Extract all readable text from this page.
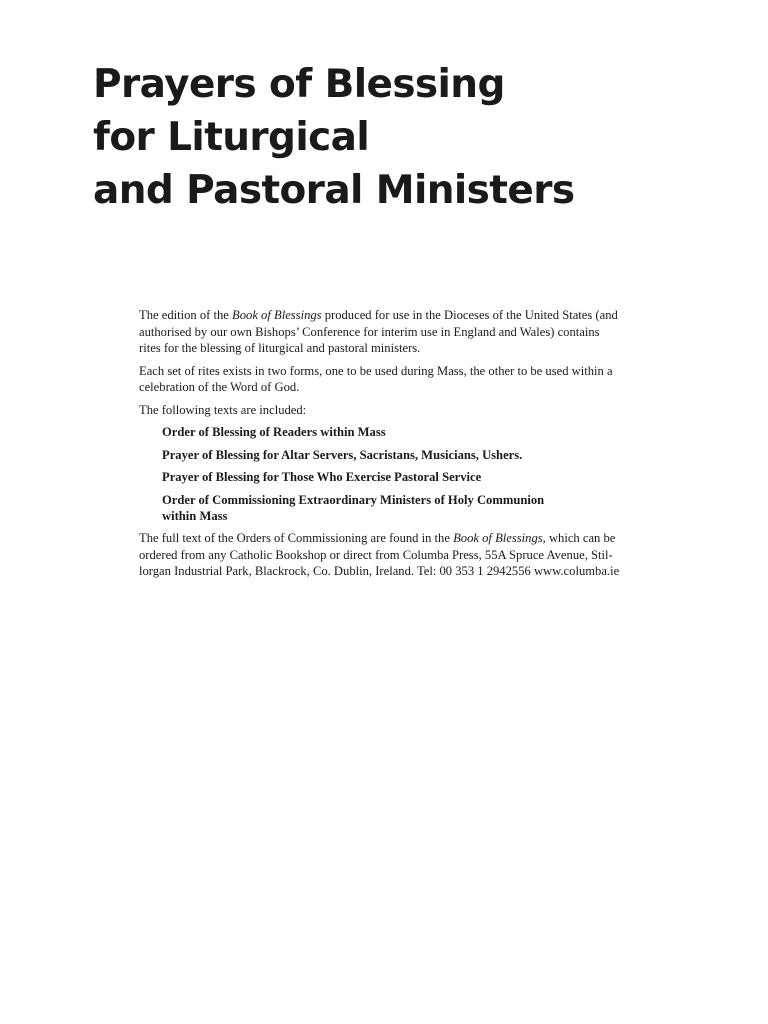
Prayers of Blessing
for Liturgical
and Pastoral Ministers

The edition of the Book of Blessings produced for use in the Dioceses of the United States (and
authorised by our own Bishops’ Conference for interim use in England and Wales) contains
rites for the blessing of liturgical and pastoral ministers.

Each set of rites exists in two forms, one to be used during Mass, the other to be used within a
celebration of the Word of God.

The following texts are included:

Order of Blessing of Readers within Mass
Prayer of Blessing for Altar Servers, Sacristans, Musicians, Ushers.
Prayer of Blessing for Those Who Exercise Pastoral Service
Order of Commissioning Extraordinary Ministers of Holy Communion
within Mass

The full text of the Orders of Commissioning are found in the Book of Blessings, which can be
ordered from any Catholic Bookshop or direct from Columba Press, 55A Spruce Avenue, Stil-
lorgan Industrial Park, Blackrock, Co. Dublin, Ireland. Tel: 00 353 1 2942556 www.columba.ie
